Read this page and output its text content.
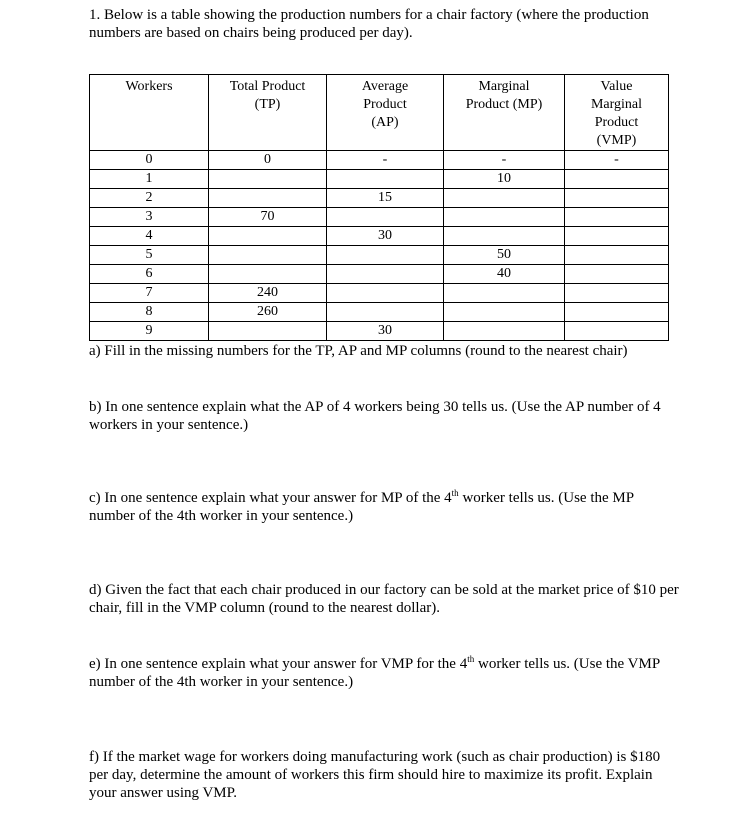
1. Below is a table showing the production numbers for a chair factory (where the production numbers are based on chairs being produced per day).

Workers	Total Product (TP)	Average Product (AP)	Marginal Product (MP)	Value Marginal Product (VMP)
0	0	-	-	-
1			10	
2		15		
3	70			
4		30		
5			50	
6			40	
7	240			
8	260			
9		30		

a) Fill in the missing numbers for the TP, AP and MP columns (round to the nearest chair)

b) In one sentence explain what the AP of 4 workers being 30 tells us. (Use the AP number of 4 workers in your sentence.)

c) In one sentence explain what your answer for MP of the 4th worker tells us. (Use the MP number of the 4th worker in your sentence.)

d) Given the fact that each chair produced in our factory can be sold at the market price of $10 per chair, fill in the VMP column (round to the nearest dollar).

e) In one sentence explain what your answer for VMP for the 4th worker tells us. (Use the VMP number of the 4th worker in your sentence.)

f) If the market wage for workers doing manufacturing work (such as chair production) is $180 per day, determine the amount of workers this firm should hire to maximize its profit. Explain your answer using VMP.
